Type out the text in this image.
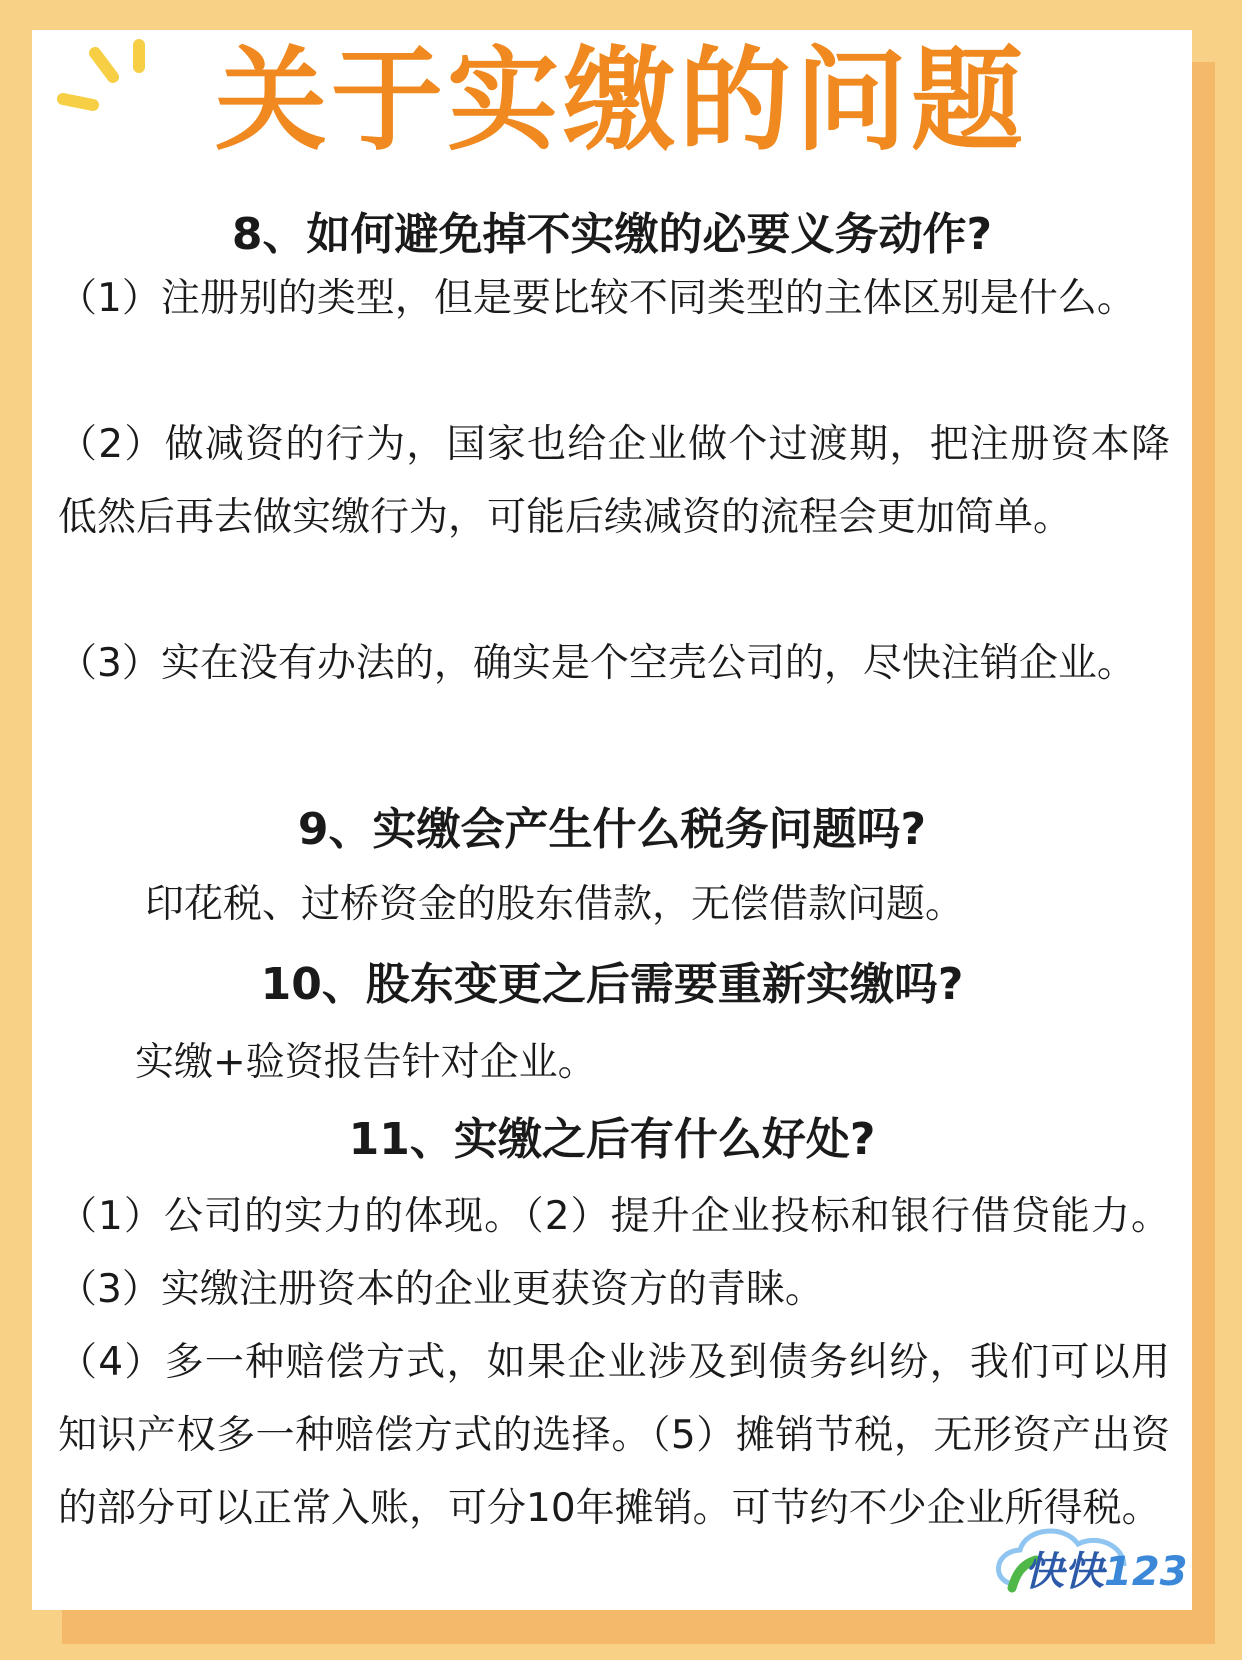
关于实缴的问题
8、如何避免掉不实缴的必要义务动作?
（1）注册别的类型，但是要比较不同类型的主体区别是什么。
（2）做减资的行为，国家也给企业做个过渡期，把注册资本降低然后再去做实缴行为，可能后续减资的流程会更加简单。
（3）实在没有办法的，确实是个空壳公司的，尽快注销企业。
9、实缴会产生什么税务问题吗?
印花税、过桥资金的股东借款，无偿借款问题。
10、股东变更之后需要重新实缴吗?
实缴+验资报告针对企业。
11、实缴之后有什么好处?
（1）公司的实力的体现。（2）提升企业投标和银行借贷能力。（3）实缴注册资本的企业更获资方的青睐。
（4）多一种赔偿方式，如果企业涉及到债务纠纷，我们可以用知识产权多一种赔偿方式的选择。（5）摊销节税，无形资产出资的部分可以正常入账，可分10年摊销。可节约不少企业所得税。
快快123
